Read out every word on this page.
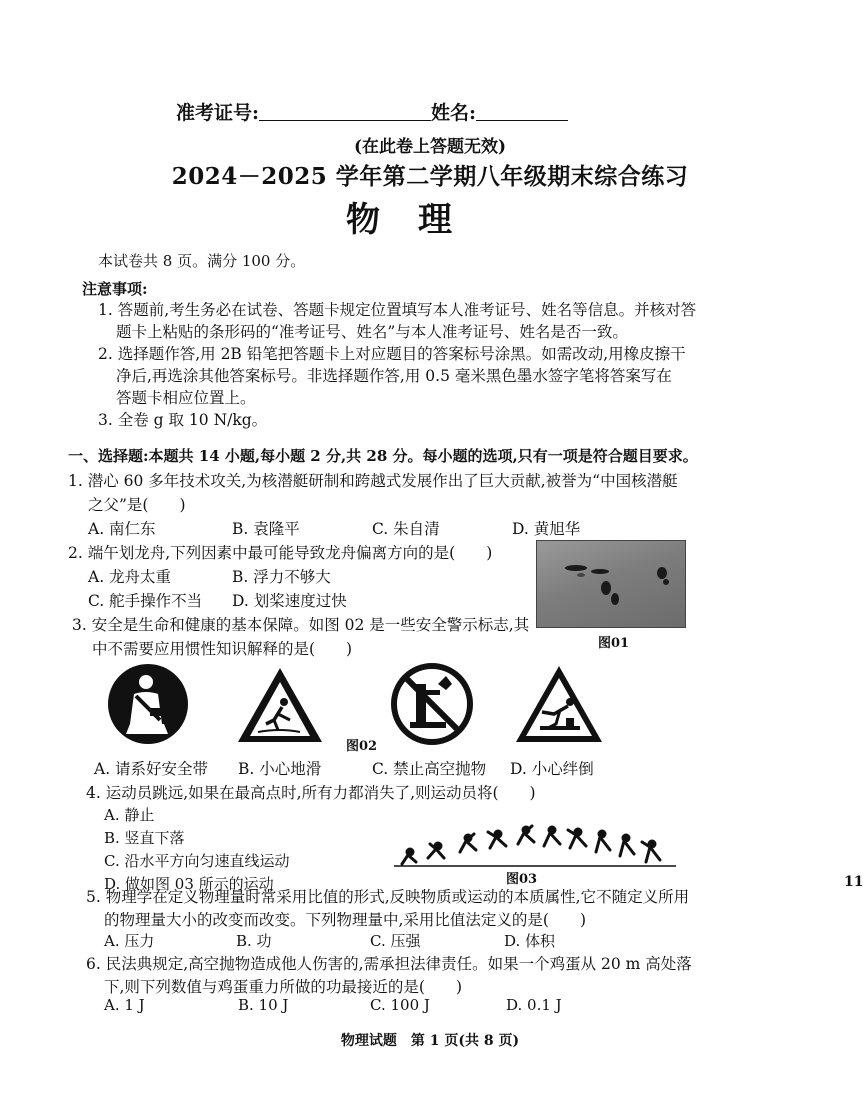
准考证号:	姓名:
(在此卷上答题无效)
2024－2025 学年第二学期八年级期末综合练习
物理
本试卷共 8 页。满分 100 分。
注意事项:
1. 答题前,考生务必在试卷、答题卡规定位置填写本人准考证号、姓名等信息。并核对答
题卡上粘贴的条形码的“准考证号、姓名”与本人准考证号、姓名是否一致。
2. 选择题作答,用 2B 铅笔把答题卡上对应题目的答案标号涂黑。如需改动,用橡皮擦干
净后,再选涂其他答案标号。非选择题作答,用 0.5 毫米黑色墨水签字笔将答案写在
答题卡相应位置上。
3. 全卷 g 取 10 N/kg。
一、选择题:本题共 14 小题,每小题 2 分,共 28 分。每小题的选项,只有一项是符合题目要求。
1. 潜心 60 多年技术攻关,为核潜艇研制和跨越式发展作出了巨大贡献,被誉为“中国核潜艇
之父”是(　　)
A. 南仁东	B. 袁隆平	C. 朱自清	D. 黄旭华
2. 端午划龙舟,下列因素中最可能导致龙舟偏离方向的是(　　)
A. 龙舟太重	B. 浮力不够大
C. 舵手操作不当 D. 划桨速度过快
图01
3. 安全是生命和健康的基本保障。如图 02 是一些安全警示标志,其
中不需要应用惯性知识解释的是(　　)
图02
A. 请系好安全带 B. 小心地滑	C. 禁止高空抛物 D. 小心绊倒
4. 运动员跳远,如果在最高点时,所有力都消失了,则运动员将(　　)
A. 静止
B. 竖直下落
C. 沿水平方向匀速直线运动
D. 做如图 03 所示的运动	图03
5. 物理学在定义物理量时常采用比值的形式,反映物质或运动的本质属性,它不随定义所用
的物理量大小的改变而改变。下列物理量中,采用比值法定义的是(　　)
A. 压力	B. 功	C. 压强	D. 体积
6. 民法典规定,高空抛物造成他人伤害的,需承担法律责任。如果一个鸡蛋从 20 m 高处落
下,则下列数值与鸡蛋重力所做的功最接近的是(　　)
A. 1 J	B. 10 J	C. 100 J	D. 0.1 J
物理试题　第 1 页(共 8 页)
11
